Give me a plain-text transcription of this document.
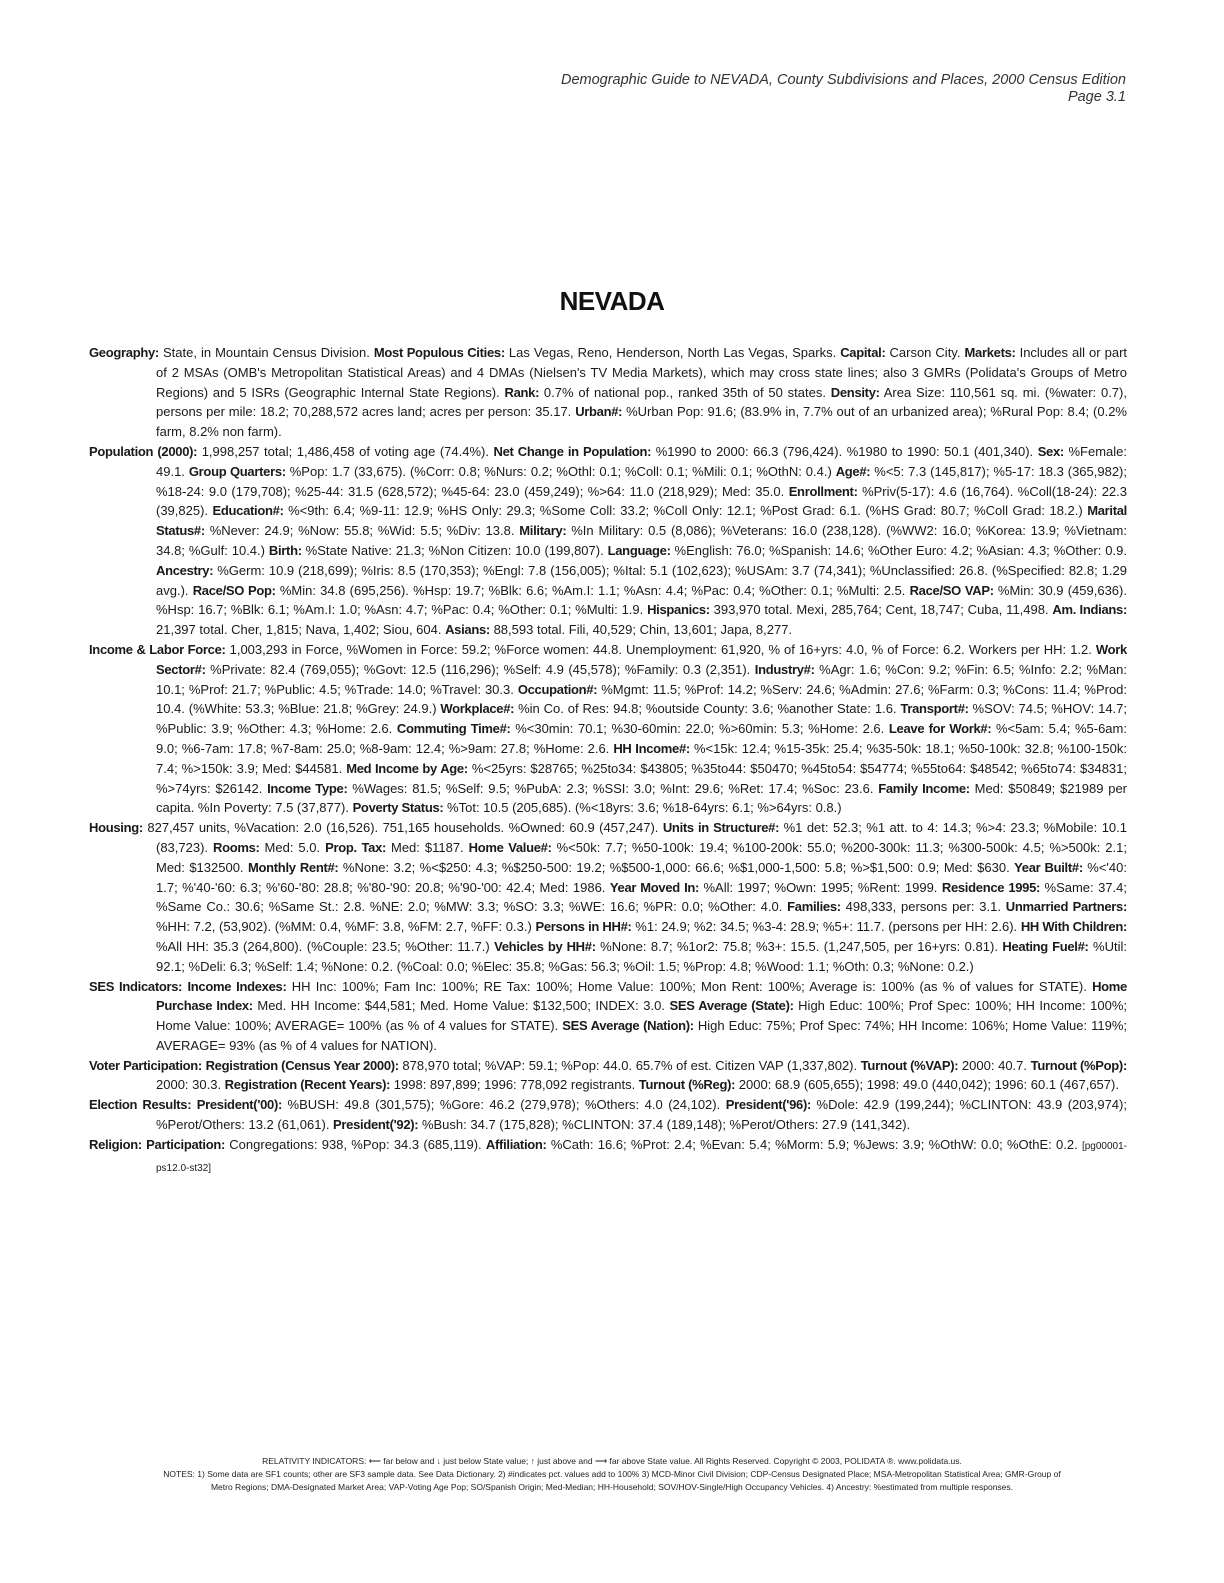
Demographic Guide to NEVADA, County Subdivisions and Places, 2000 Census Edition
Page 3.1
NEVADA

Geography: State, in Mountain Census Division. Most Populous Cities: Las Vegas, Reno, Henderson, North Las Vegas, Sparks. Capital: Carson City. Markets: Includes all or part of 2 MSAs (OMB's Metropolitan Statistical Areas) and 4 DMAs (Nielsen's TV Media Markets), which may cross state lines; also 3 GMRs (Polidata's Groups of Metro Regions) and 5 ISRs (Geographic Internal State Regions). Rank: 0.7% of national pop., ranked 35th of 50 states. Density: Area Size: 110,561 sq. mi. (%water: 0.7), persons per mile: 18.2; 70,288,572 acres land; acres per person: 35.17. Urban#: %Urban Pop: 91.6; (83.9% in, 7.7% out of an urbanized area); %Rural Pop: 8.4; (0.2% farm, 8.2% non farm).

Population (2000): 1,998,257 total; 1,486,458 of voting age (74.4%). Net Change in Population: %1990 to 2000: 66.3 (796,424). %1980 to 1990: 50.1 (401,340). Sex: %Female: 49.1. Group Quarters: %Pop: 1.7 (33,675). (%Corr: 0.8; %Nurs: 0.2; %Othl: 0.1; %Coll: 0.1; %Mili: 0.1; %OthN: 0.4.) Age#: %<5: 7.3 (145,817); %5-17: 18.3 (365,982); %18-24: 9.0 (179,708); %25-44: 31.5 (628,572); %45-64: 23.0 (459,249); %>64: 11.0 (218,929); Med: 35.0. Enrollment: %Priv(5-17): 4.6 (16,764). %Coll(18-24): 22.3 (39,825). Education#: %<9th: 6.4; %9-11: 12.9; %HS Only: 29.3; %Some Coll: 33.2; %Coll Only: 12.1; %Post Grad: 6.1. (%HS Grad: 80.7; %Coll Grad: 18.2.) Marital Status#: %Never: 24.9; %Now: 55.8; %Wid: 5.5; %Div: 13.8. Military: %In Military: 0.5 (8,086); %Veterans: 16.0 (238,128). (%WW2: 16.0; %Korea: 13.9; %Vietnam: 34.8; %Gulf: 10.4.) Birth: %State Native: 21.3; %Non Citizen: 10.0 (199,807). Language: %English: 76.0; %Spanish: 14.6; %Other Euro: 4.2; %Asian: 4.3; %Other: 0.9. Ancestry: %Germ: 10.9 (218,699); %Iris: 8.5 (170,353); %Engl: 7.8 (156,005); %Ital: 5.1 (102,623); %USAm: 3.7 (74,341); %Unclassified: 26.8. (%Specified: 82.8; 1.29 avg.). Race/SO Pop: %Min: 34.8 (695,256). %Hsp: 19.7; %Blk: 6.6; %Am.I: 1.1; %Asn: 4.4; %Pac: 0.4; %Other: 0.1; %Multi: 2.5. Race/SO VAP: %Min: 30.9 (459,636). %Hsp: 16.7; %Blk: 6.1; %Am.I: 1.0; %Asn: 4.7; %Pac: 0.4; %Other: 0.1; %Multi: 1.9. Hispanics: 393,970 total. Mexi, 285,764; Cent, 18,747; Cuba, 11,498. Am. Indians: 21,397 total. Cher, 1,815; Nava, 1,402; Siou, 604. Asians: 88,593 total. Fili, 40,529; Chin, 13,601; Japa, 8,277.

Income & Labor Force: 1,003,293 in Force, %Women in Force: 59.2; %Force women: 44.8. Unemployment: 61,920, % of 16+yrs: 4.0, % of Force: 6.2. Workers per HH: 1.2. Work Sector#: %Private: 82.4 (769,055); %Govt: 12.5 (116,296); %Self: 4.9 (45,578); %Family: 0.3 (2,351). Industry#: %Agr: 1.6; %Con: 9.2; %Fin: 6.5; %Info: 2.2; %Man: 10.1; %Prof: 21.7; %Public: 4.5; %Trade: 14.0; %Travel: 30.3. Occupation#: %Mgmt: 11.5; %Prof: 14.2; %Serv: 24.6; %Admin: 27.6; %Farm: 0.3; %Cons: 11.4; %Prod: 10.4. (%White: 53.3; %Blue: 21.8; %Grey: 24.9.) Workplace#: %in Co. of Res: 94.8; %outside County: 3.6; %another State: 1.6. Transport#: %SOV: 74.5; %HOV: 14.7; %Public: 3.9; %Other: 4.3; %Home: 2.6. Commuting Time#: %<30min: 70.1; %30-60min: 22.0; %>60min: 5.3; %Home: 2.6. Leave for Work#: %<5am: 5.4; %5-6am: 9.0; %6-7am: 17.8; %7-8am: 25.0; %8-9am: 12.4; %>9am: 27.8; %Home: 2.6. HH Income#: %<15k: 12.4; %15-35k: 25.4; %35-50k: 18.1; %50-100k: 32.8; %100-150k: 7.4; %>150k: 3.9; Med: $44581. Med Income by Age: %<25yrs: $28765; %25to34: $43805; %35to44: $50470; %45to54: $54774; %55to64: $48542; %65to74: $34831; %>74yrs: $26142. Income Type: %Wages: 81.5; %Self: 9.5; %PubA: 2.3; %SSI: 3.0; %Int: 29.6; %Ret: 17.4; %Soc: 23.6. Family Income: Med: $50849; $21989 per capita. %In Poverty: 7.5 (37,877). Poverty Status: %Tot: 10.5 (205,685). (%<18yrs: 3.6; %18-64yrs: 6.1; %>64yrs: 0.8.)

Housing: 827,457 units, %Vacation: 2.0 (16,526). 751,165 households. %Owned: 60.9 (457,247). Units in Structure#: %1 det: 52.3; %1 att. to 4: 14.3; %>4: 23.3; %Mobile: 10.1 (83,723). Rooms: Med: 5.0. Prop. Tax: Med: $1187. Home Value#: %<50k: 7.7; %50-100k: 19.4; %100-200k: 55.0; %200-300k: 11.3; %300-500k: 4.5; %>500k: 2.1; Med: $132500. Monthly Rent#: %None: 3.2; %<$250: 4.3; %$250-500: 19.2; %$500-1,000: 66.6; %$1,000-1,500: 5.8; %>$1,500: 0.9; Med: $630. Year Built#: %<'40: 1.7; %'40-'60: 6.3; %'60-'80: 28.8; %'80-'90: 20.8; %'90-'00: 42.4; Med: 1986. Year Moved In: %All: 1997; %Own: 1995; %Rent: 1999. Residence 1995: %Same: 37.4; %Same Co.: 30.6; %Same St.: 2.8. %NE: 2.0; %MW: 3.3; %SO: 3.3; %WE: 16.6; %PR: 0.0; %Other: 4.0. Families: 498,333, persons per: 3.1. Unmarried Partners: %HH: 7.2, (53,902). (%MM: 0.4, %MF: 3.8, %FM: 2.7, %FF: 0.3.) Persons in HH#: %1: 24.9; %2: 34.5; %3-4: 28.9; %5+: 11.7. (persons per HH: 2.6). HH With Children: %All HH: 35.3 (264,800). (%Couple: 23.5; %Other: 11.7.) Vehicles by HH#: %None: 8.7; %1or2: 75.8; %3+: 15.5. (1,247,505, per 16+yrs: 0.81). Heating Fuel#: %Util: 92.1; %Deli: 6.3; %Self: 1.4; %None: 0.2. (%Coal: 0.0; %Elec: 35.8; %Gas: 56.3; %Oil: 1.5; %Prop: 4.8; %Wood: 1.1; %Oth: 0.3; %None: 0.2.)

SES Indicators: Income Indexes: HH Inc: 100%; Fam Inc: 100%; RE Tax: 100%; Home Value: 100%; Mon Rent: 100%; Average is: 100% (as % of values for STATE). Home Purchase Index: Med. HH Income: $44,581; Med. Home Value: $132,500; INDEX: 3.0. SES Average (State): High Educ: 100%; Prof Spec: 100%; HH Income: 100%; Home Value: 100%; AVERAGE= 100% (as % of 4 values for STATE). SES Average (Nation): High Educ: 75%; Prof Spec: 74%; HH Income: 106%; Home Value: 119%; AVERAGE= 93% (as % of 4 values for NATION).

Voter Participation: Registration (Census Year 2000): 878,970 total; %VAP: 59.1; %Pop: 44.0. 65.7% of est. Citizen VAP (1,337,802). Turnout (%VAP): 2000: 40.7. Turnout (%Pop): 2000: 30.3. Registration (Recent Years): 1998: 897,899; 1996: 778,092 registrants. Turnout (%Reg): 2000: 68.9 (605,655); 1998: 49.0 (440,042); 1996: 60.1 (467,657).

Election Results: President('00): %BUSH: 49.8 (301,575); %Gore: 46.2 (279,978); %Others: 4.0 (24,102). President('96): %Dole: 42.9 (199,244); %CLINTON: 43.9 (203,974); %Perot/Others: 13.2 (61,061). President('92): %Bush: 34.7 (175,828); %CLINTON: 37.4 (189,148); %Perot/Others: 27.9 (141,342).

Religion: Participation: Congregations: 938, %Pop: 34.3 (685,119). Affiliation: %Cath: 16.6; %Prot: 2.4; %Evan: 5.4; %Morm: 5.9; %Jews: 3.9; %OthW: 0.0; %OthE: 0.2. [pg00001-ps12.0-st32]

RELATIVITY INDICATORS: ⟵ far below and ↓ just below State value; ↑ just above and ⟶ far above State value. All Rights Reserved. Copyright © 2003, POLIDATA ®. www.polidata.us.
NOTES: 1) Some data are SF1 counts; other are SF3 sample data. See Data Dictionary. 2) #indicates pct. values add to 100% 3) MCD-Minor Civil Division; CDP-Census Designated Place; MSA-Metropolitan Statistical Area; GMR-Group of
Metro Regions; DMA-Designated Market Area; VAP-Voting Age Pop; SO/Spanish Origin; Med-Median; HH-Household; SOV/HOV-Single/High Occupancy Vehicles. 4) Ancestry: %estimated from multiple responses.
